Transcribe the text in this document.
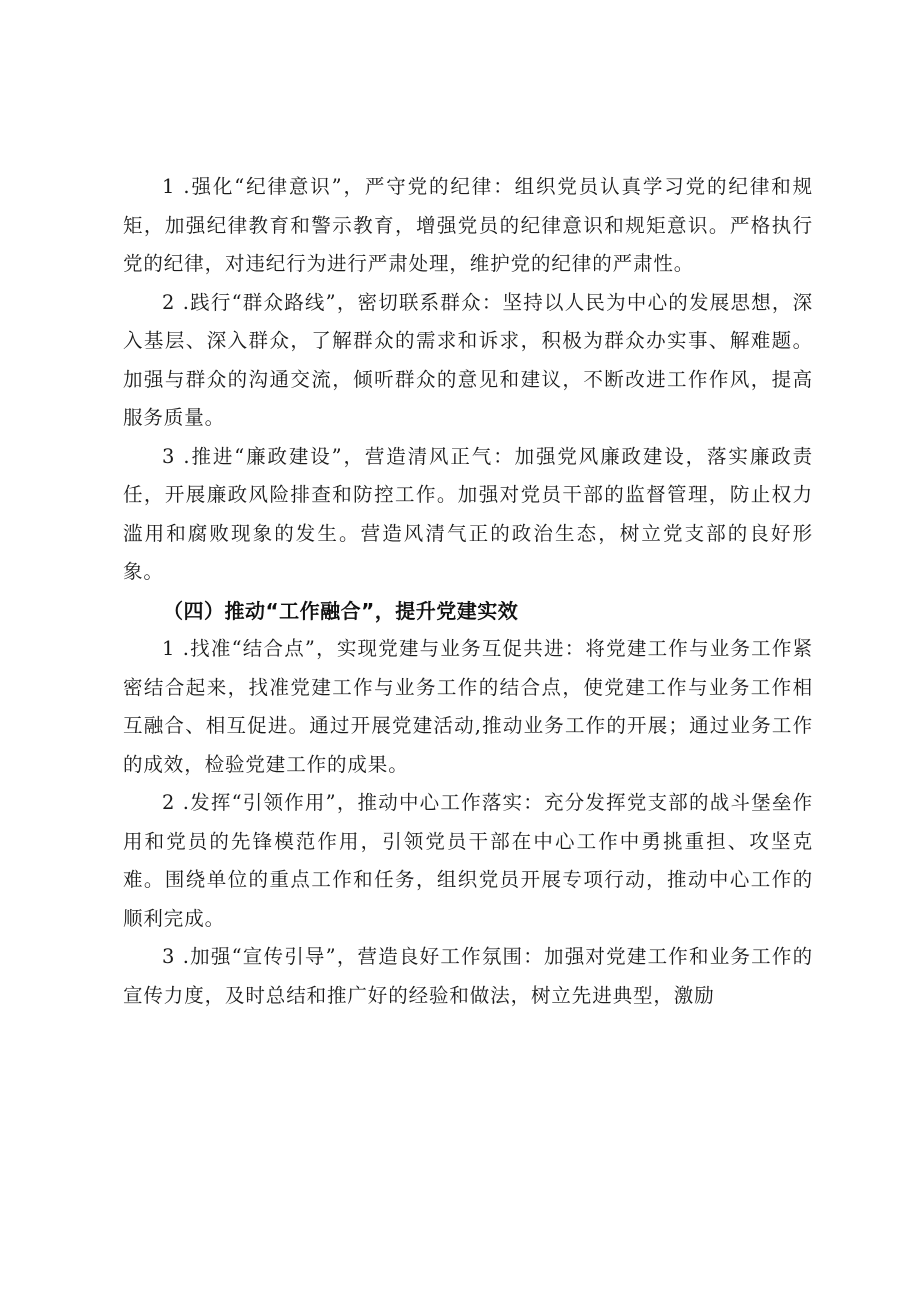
1 .强化“纪律意识”，严守党的纪律：组织党员认真学习党的纪律和规矩，加强纪律教育和警示教育，增强党员的纪律意识和规矩意识。严格执行党的纪律，对违纪行为进行严肃处理，维护党的纪律的严肃性。

2 .践行“群众路线”，密切联系群众：坚持以人民为中心的发展思想，深入基层、深入群众，了解群众的需求和诉求，积极为群众办实事、解难题。加强与群众的沟通交流，倾听群众的意见和建议，不断改进工作作风，提高服务质量。

3 .推进“廉政建设”，营造清风正气：加强党风廉政建设，落实廉政责任，开展廉政风险排查和防控工作。加强对党员干部的监督管理，防止权力滥用和腐败现象的发生。营造风清气正的政治生态，树立党支部的良好形象。

（四）推动“工作融合”，提升党建实效

1 .找准“结合点”，实现党建与业务互促共进：将党建工作与业务工作紧密结合起来，找准党建工作与业务工作的结合点，使党建工作与业务工作相互融合、相互促进。通过开展党建活动,推动业务工作的开展；通过业务工作的成效，检验党建工作的成果。

2 .发挥“引领作用”，推动中心工作落实：充分发挥党支部的战斗堡垒作用和党员的先锋模范作用，引领党员干部在中心工作中勇挑重担、攻坚克难。围绕单位的重点工作和任务，组织党员开展专项行动，推动中心工作的顺利完成。

3 .加强“宣传引导”，营造良好工作氛围：加强对党建工作和业务工作的宣传力度，及时总结和推广好的经验和做法，树立先进典型，激励
